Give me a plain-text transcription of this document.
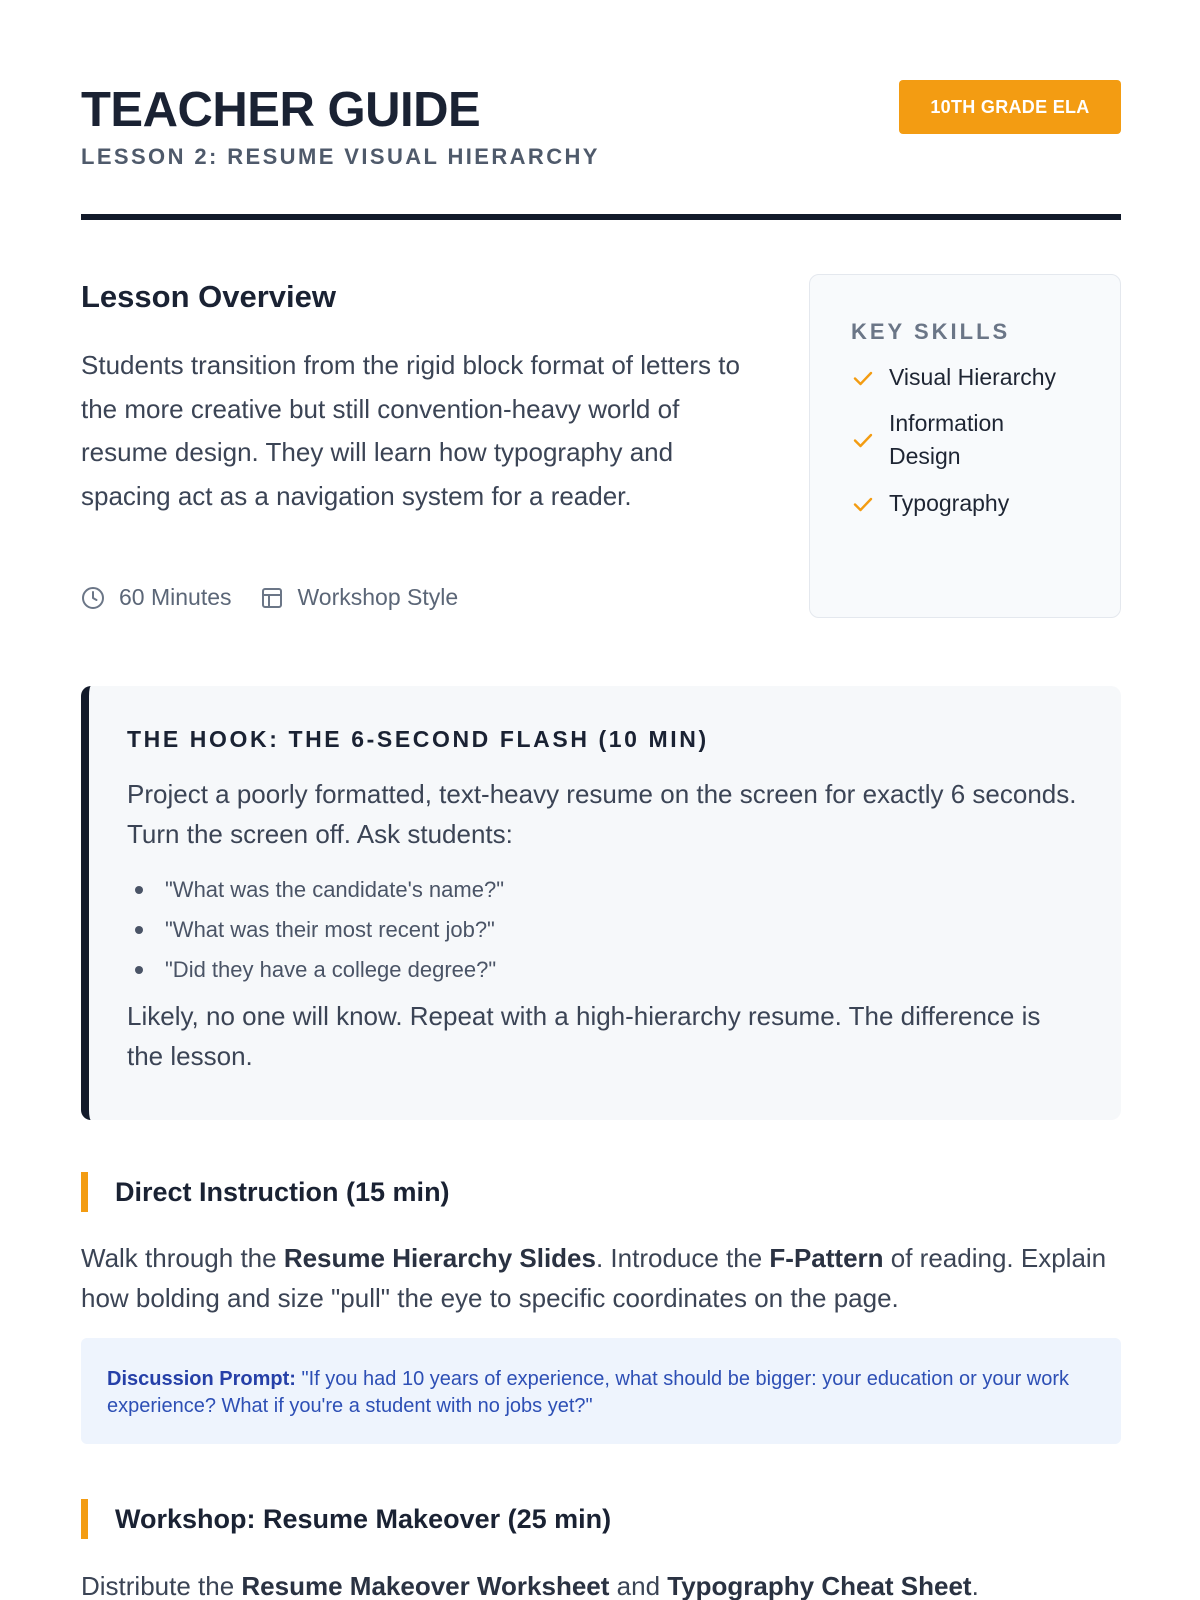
TEACHER GUIDE
LESSON 2: RESUME VISUAL HIERARCHY
10TH GRADE ELA
Lesson Overview
Students transition from the rigid block format of letters to the more creative but still convention-heavy world of resume design. They will learn how typography and spacing act as a navigation system for a reader.
60 Minutes	Workshop Style
KEY SKILLS
Visual Hierarchy
Information Design
Typography
THE HOOK: THE 6-SECOND FLASH (10 MIN)
Project a poorly formatted, text-heavy resume on the screen for exactly 6 seconds. Turn the screen off. Ask students:
"What was the candidate's name?"
"What was their most recent job?"
"Did they have a college degree?"
Likely, no one will know. Repeat with a high-hierarchy resume. The difference is the lesson.
Direct Instruction (15 min)
Walk through the Resume Hierarchy Slides. Introduce the F-Pattern of reading. Explain how bolding and size "pull" the eye to specific coordinates on the page.
Discussion Prompt: "If you had 10 years of experience, what should be bigger: your education or your work experience? What if you're a student with no jobs yet?"
Workshop: Resume Makeover (25 min)
Distribute the Resume Makeover Worksheet and Typography Cheat Sheet.
